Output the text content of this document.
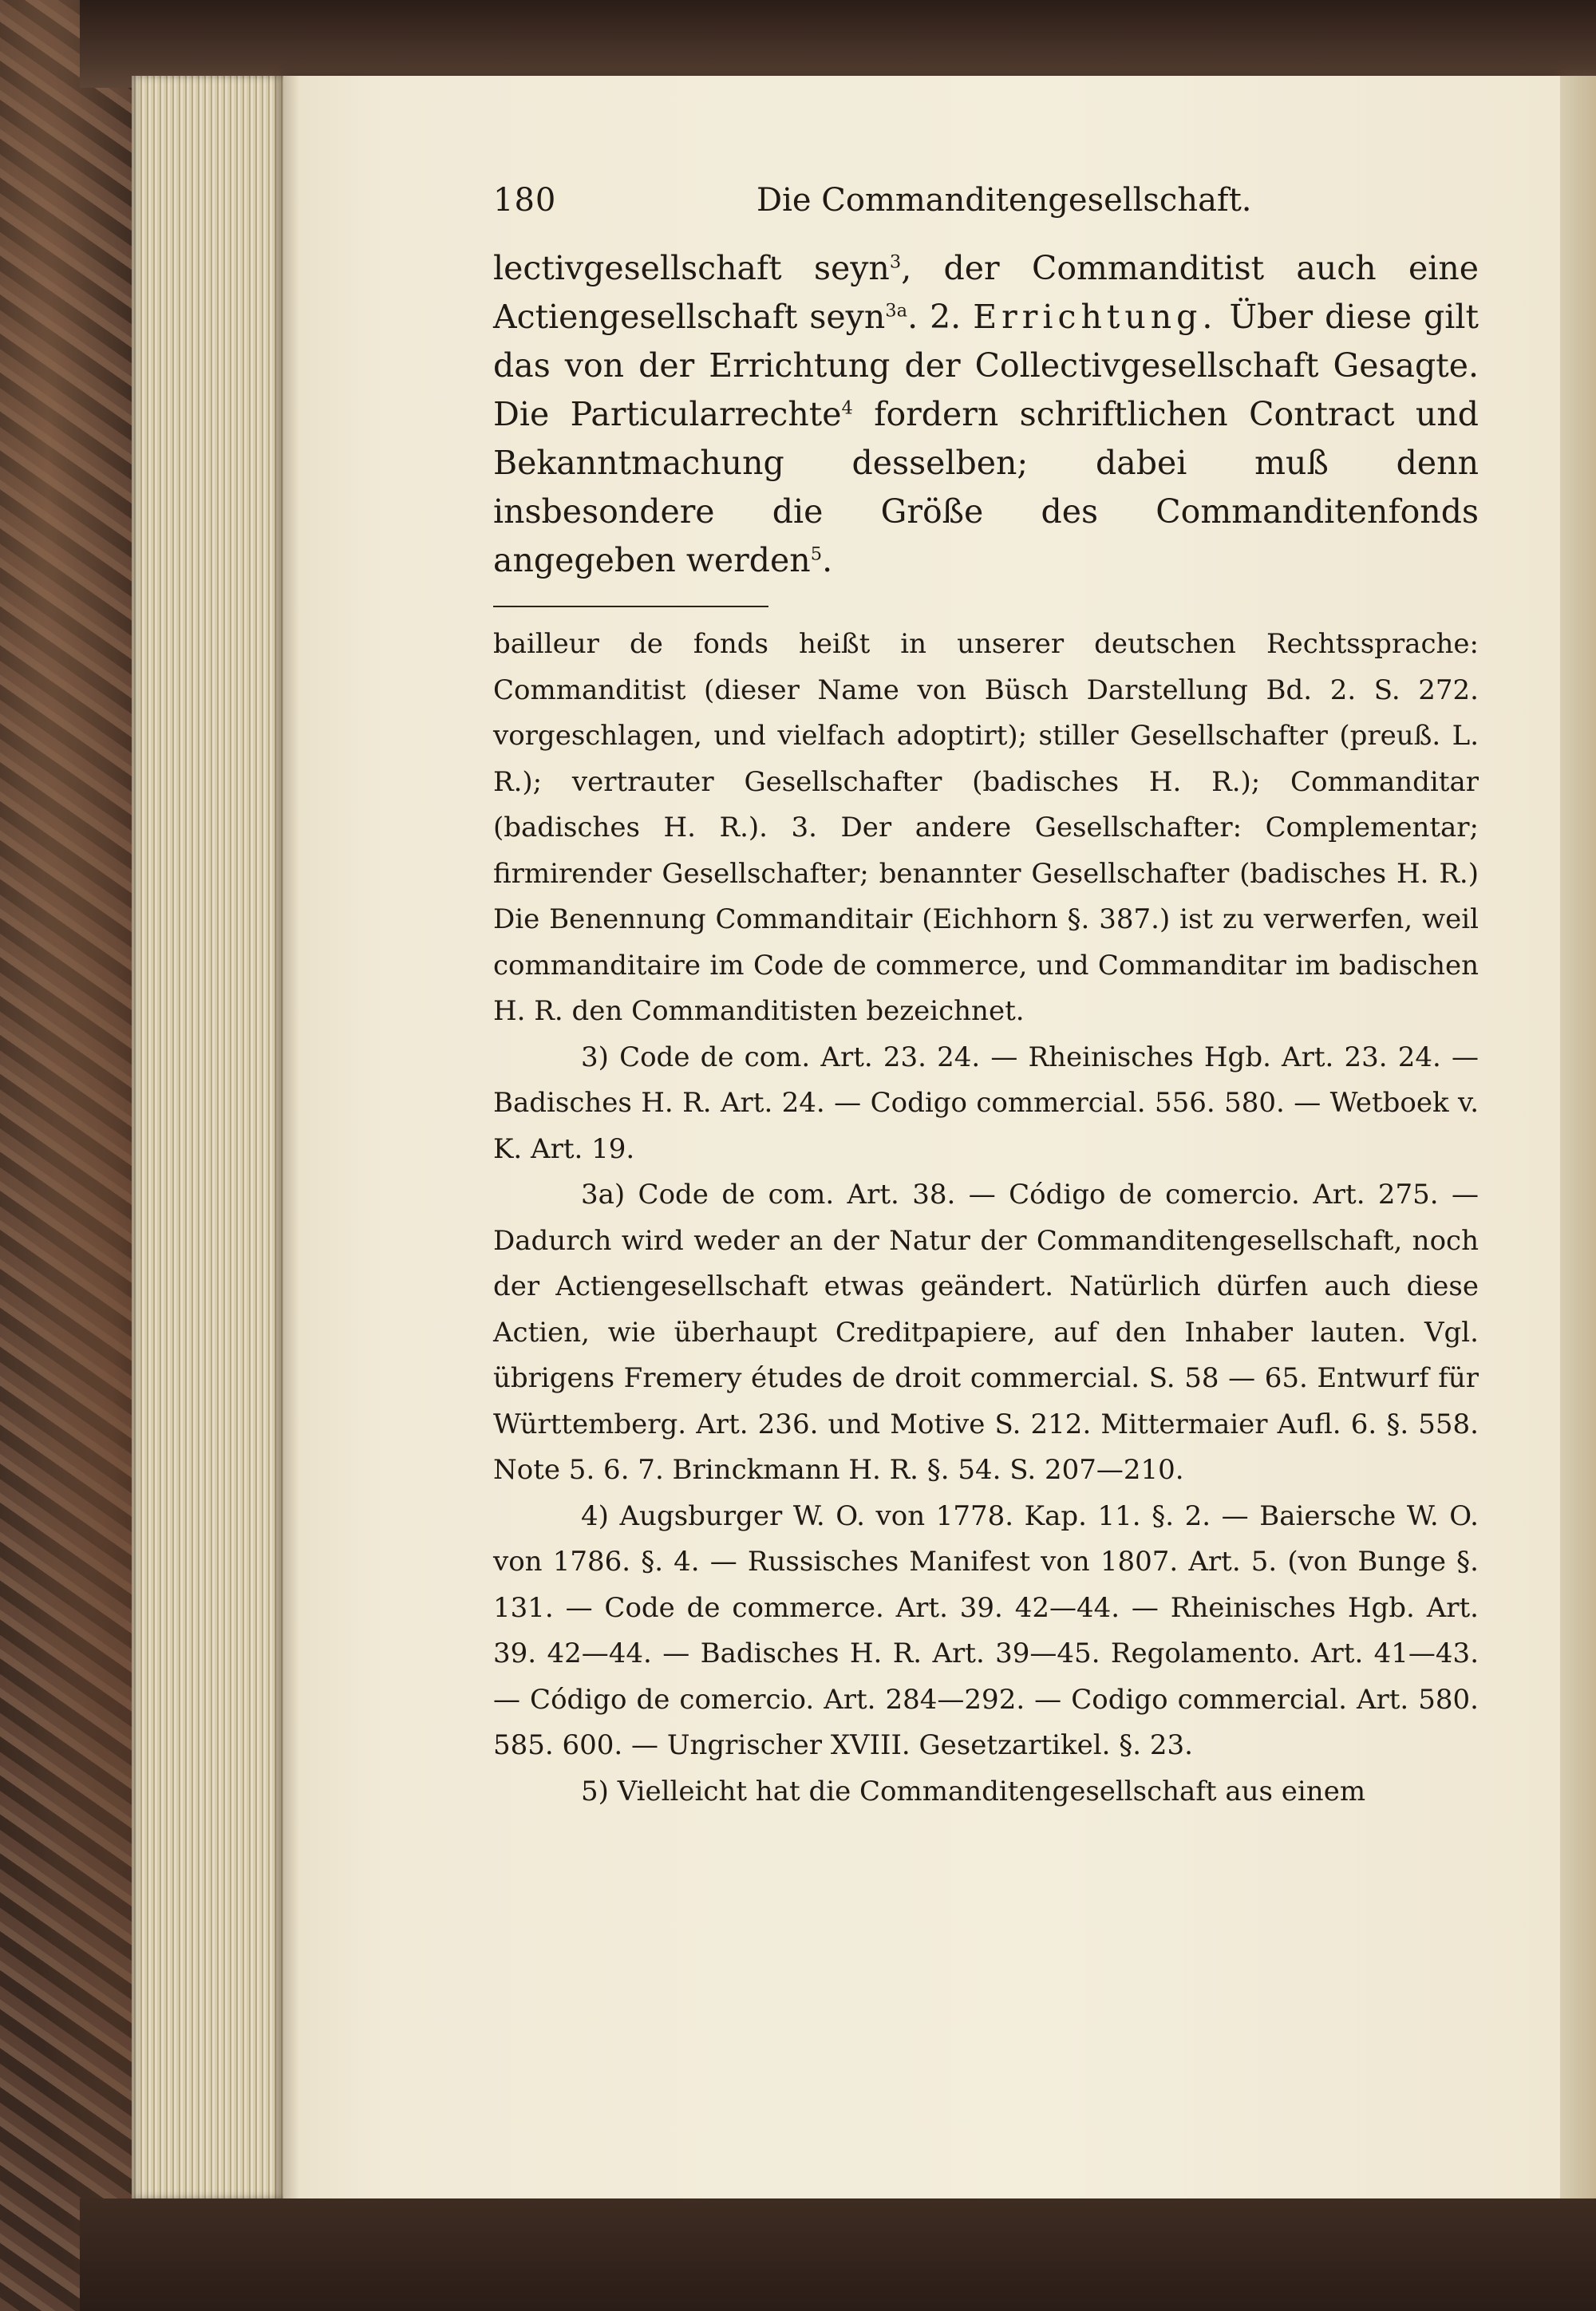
180	Die Commanditengesellschaft.

lectivgesellschaft seyn$^3$, der Commanditist auch eine Actiengesellschaft seyn$^{3a}$. 2. Errichtung. Über diese gilt das von der Errichtung der Collectivgesellschaft Gesagte. Die Particularrechte$^4$ fordern schriftlichen Contract und Bekanntmachung desselben; dabei muß denn insbesondere die Größe des Commanditenfonds angegeben werden$^5$.

bailleur de fonds heißt in unserer deutschen Rechtssprache: Commanditist (dieser Name von Büsch Darstellung Bd. 2. S. 272. vorgeschlagen, und vielfach adoptirt); stiller Gesellschafter (preuß. L. R.); vertrauter Gesellschafter (badisches H. R.); Commanditar (badisches H. R.). 3. Der andere Gesellschafter: Complementar; firmirender Gesellschafter; benannter Gesellschafter (badisches H. R.) Die Benennung Commanditair (Eichhorn §. 387.) ist zu verwerfen, weil commanditaire im Code de commerce, und Commanditar im badischen H. R. den Commanditisten bezeichnet.

3) Code de com. Art. 23. 24. — Rheinisches Hgb. Art. 23. 24. — Badisches H. R. Art. 24. — Codigo commercial. 556. 580. — Wetboek v. K. Art. 19.

3a) Code de com. Art. 38. — Código de comercio. Art. 275. — Dadurch wird weder an der Natur der Commanditengesellschaft, noch der Actiengesellschaft etwas geändert. Natürlich dürfen auch diese Actien, wie überhaupt Creditpapiere, auf den Inhaber lauten. Vgl. übrigens Fremery études de droit commercial. S. 58 — 65. Entwurf für Württemberg. Art. 236. und Motive S. 212. Mittermaier Aufl. 6. §. 558. Note 5. 6. 7. Brinckmann H. R. §. 54. S. 207—210.

4) Augsburger W. O. von 1778. Kap. 11. §. 2. — Baiersche W. O. von 1786. §. 4. — Russisches Manifest von 1807. Art. 5. (von Bunge §. 131. — Code de commerce. Art. 39. 42—44. — Rheinisches Hgb. Art. 39. 42—44. — Badisches H. R. Art. 39—45. Regolamento. Art. 41—43. — Código de comercio. Art. 284—292. — Codigo commercial. Art. 580. 585. 600. — Ungrischer XVIII. Gesetzartikel. §. 23.

5) Vielleicht hat die Commanditengesellschaft aus einem
